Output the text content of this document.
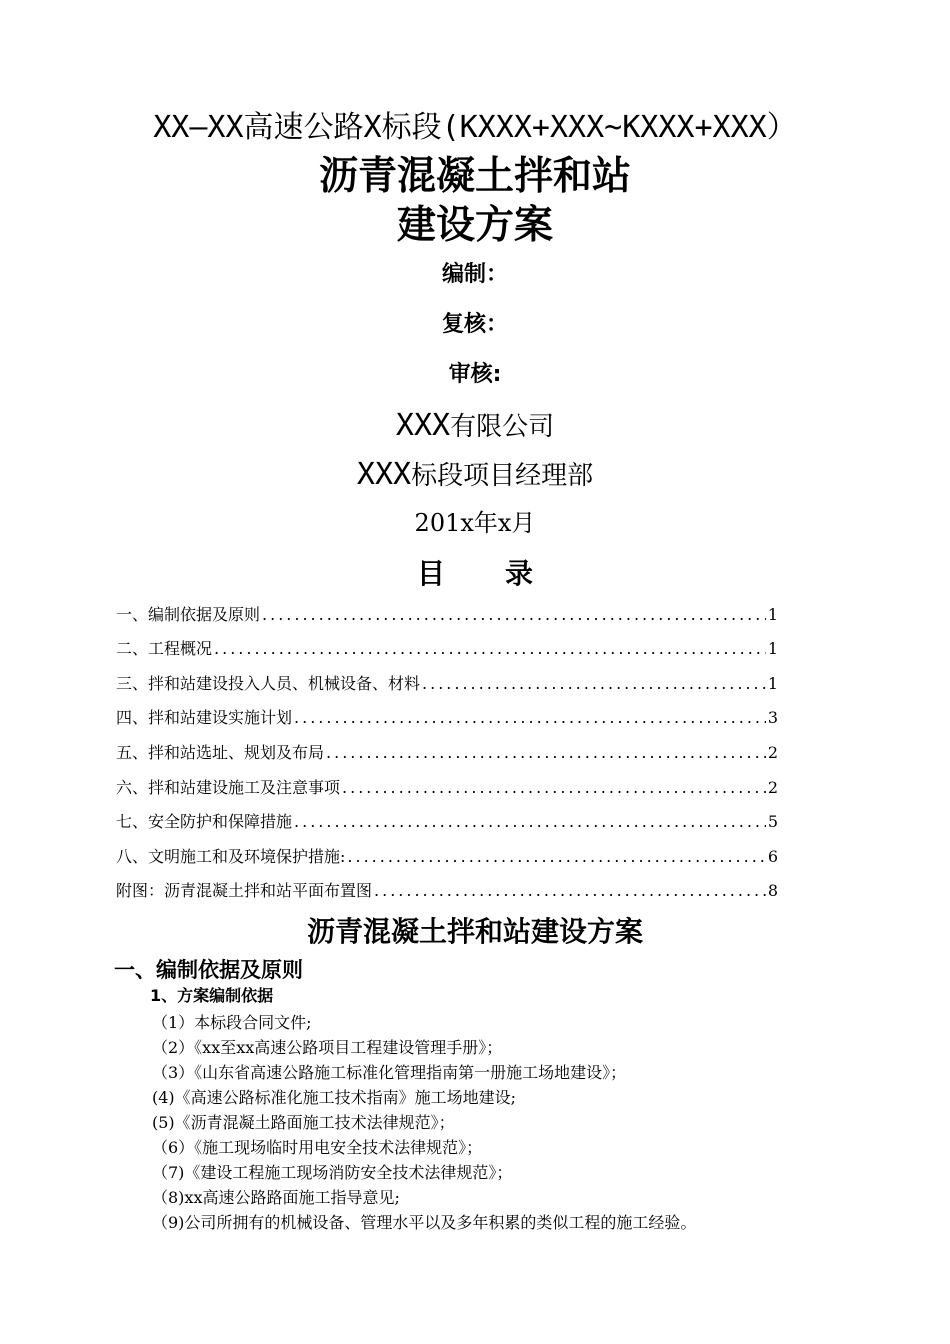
XX—XX高速公路X标段(KXXX+XXX~KXXX+XXX）
沥青混凝土拌和站
建设方案
编制：
复核：
审核:
XXX有限公司
XXX标段项目经理部
201x年x月
目录
一、编制依据及原则 .....	1
二、工程概况 .....	1
三、拌和站建设投入人员、机械设备、材料 .....	1
四、拌和站建设实施计划 .....	3
五、拌和站选址、规划及布局 .....	2
六、拌和站建设施工及注意事项 .....	2
七、安全防护和保障措施 .....	5
八、文明施工和及环境保护措施: .....	6
附图：沥青混凝土拌和站平面布置图 .....	8
沥青混凝土拌和站建设方案
一、编制依据及原则
1、方案编制依据
（1）本标段合同文件;
（2）《xx至xx高速公路项目工程建设管理手册》；
（3）《山东省高速公路施工标准化管理指南第一册施工场地建设》；
(4)《高速公路标准化施工技术指南》施工场地建设;
(5)《沥青混凝土路面施工技术法律规范》；
（6）《施工现场临时用电安全技术法律规范》；
（7)《建设工程施工现场消防安全技术法律规范》；
（8)xx高速公路路面施工指导意见;
（9)公司所拥有的机械设备、管理水平以及多年积累的类似工程的施工经验。
